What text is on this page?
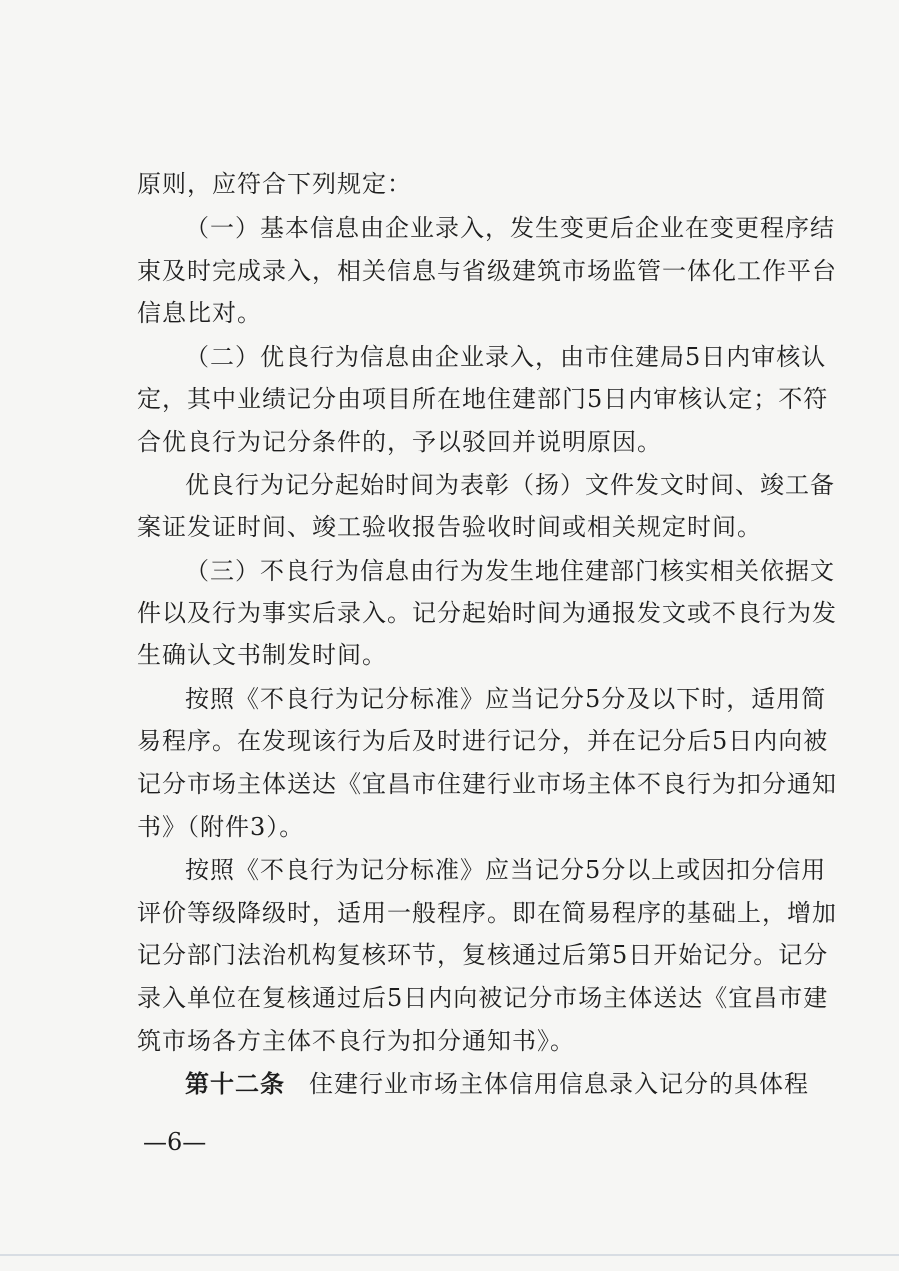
原则，应符合下列规定：
（一）基本信息由企业录入，发生变更后企业在变更程序结
束及时完成录入，相关信息与省级建筑市场监管一体化工作平台
信息比对。
（二）优良行为信息由企业录入，由市住建局5日内审核认
定，其中业绩记分由项目所在地住建部门5日内审核认定；不符
合优良行为记分条件的，予以驳回并说明原因。
优良行为记分起始时间为表彰（扬）文件发文时间、竣工备
案证发证时间、竣工验收报告验收时间或相关规定时间。
（三）不良行为信息由行为发生地住建部门核实相关依据文
件以及行为事实后录入。记分起始时间为通报发文或不良行为发
生确认文书制发时间。
按照《不良行为记分标准》应当记分5分及以下时，适用简
易程序。在发现该行为后及时进行记分，并在记分后5日内向被
记分市场主体送达《宜昌市住建行业市场主体不良行为扣分通知
书》（附件3）。
按照《不良行为记分标准》应当记分5分以上或因扣分信用
评价等级降级时，适用一般程序。即在简易程序的基础上，增加
记分部门法治机构复核环节，复核通过后第5日开始记分。记分
录入单位在复核通过后5日内向被记分市场主体送达《宜昌市建
筑市场各方主体不良行为扣分通知书》。
第十二条 住建行业市场主体信用信息录入记分的具体程
—6—
